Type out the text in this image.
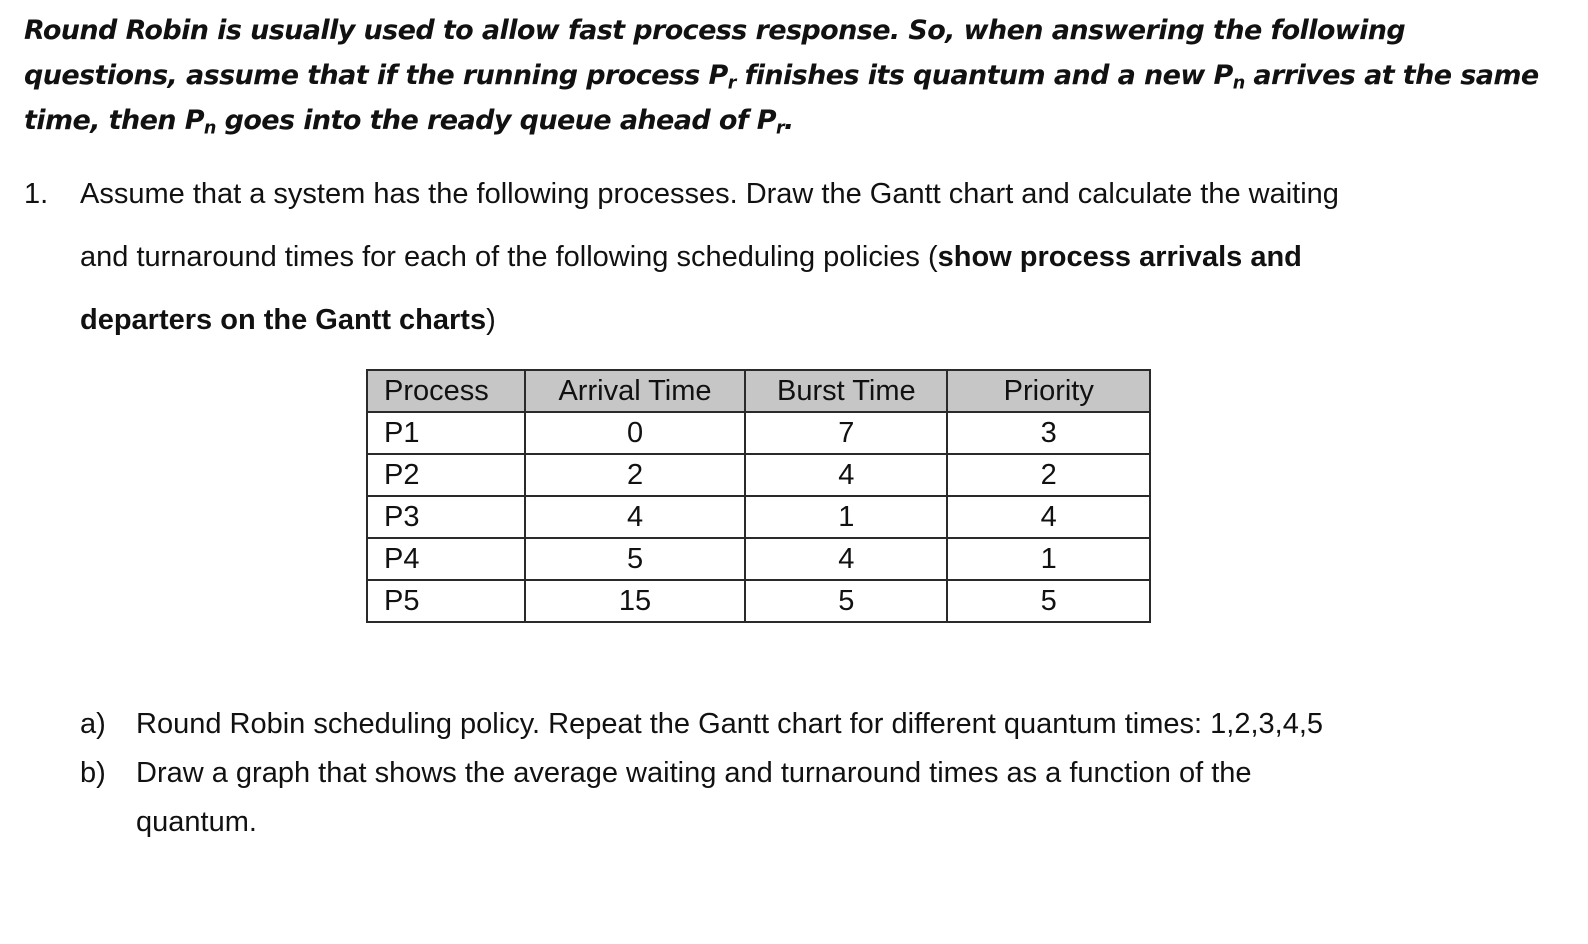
Round Robin is usually used to allow fast process response. So, when answering the following
questions, assume that if the running process $P_r$ finishes its quantum and a new $P_n$ arrives at the same
time, then $P_n$ goes into the ready queue ahead of $P_r$.
1. Assume that a system has the following processes. Draw the Gantt chart and calculate the waiting
and turnaround times for each of the following scheduling policies (show process arrivals and
departers on the Gantt charts)
Process	Arrival Time	Burst Time	Priority
P1	0	7	3
P2	2	4	2
P3	4	1	4
P4	5	4	1
P5	15	5	5
a) Round Robin scheduling policy. Repeat the Gantt chart for different quantum times: 1,2,3,4,5
b) Draw a graph that shows the average waiting and turnaround times as a function of the
quantum.
